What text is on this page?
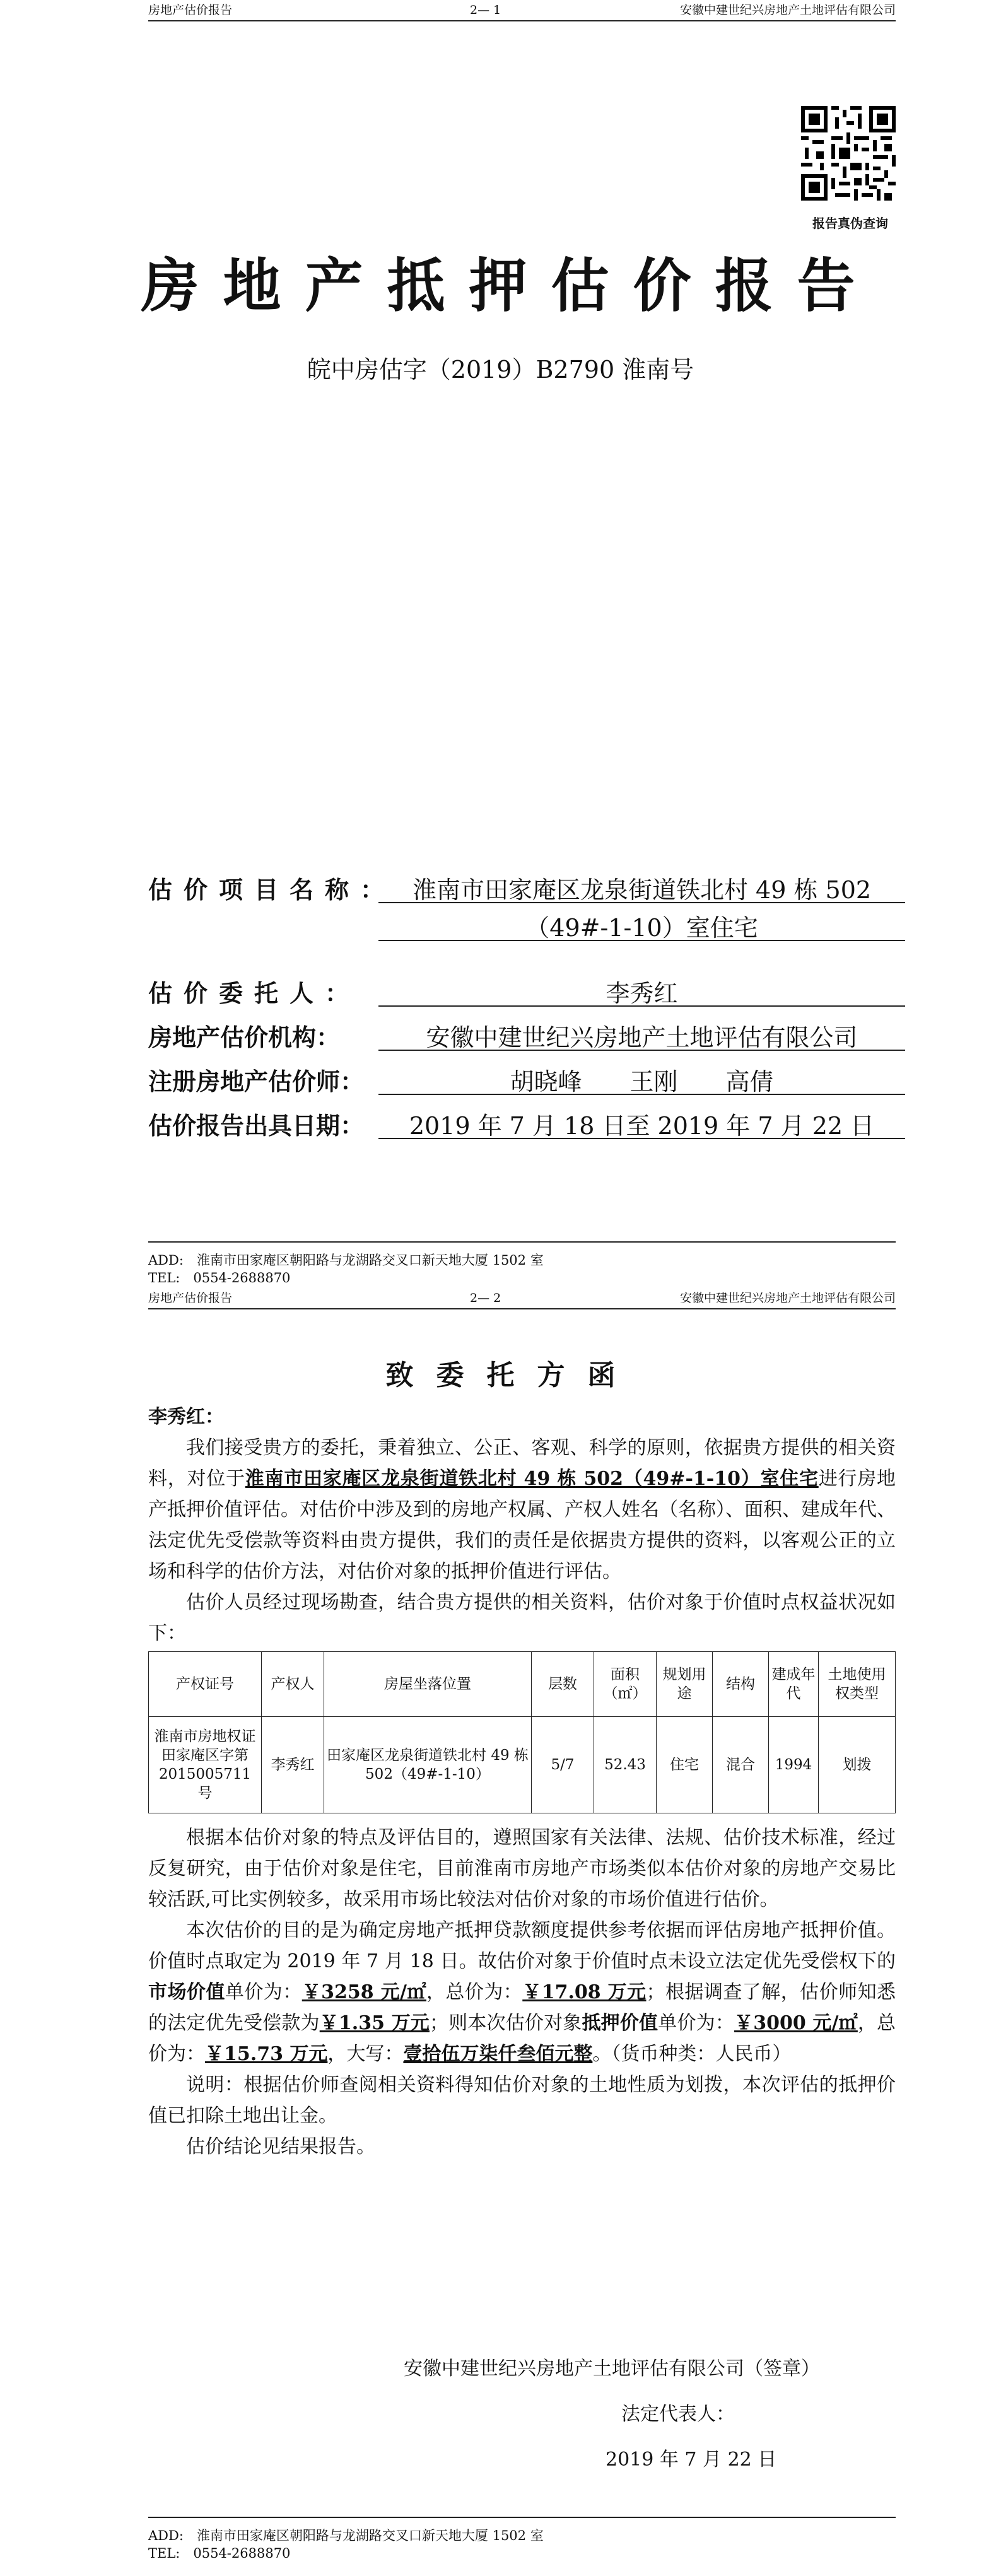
房地产估价报告	2— 1	安徽中建世纪兴房地产土地评估有限公司
报告真伪查询
房地产抵押估价报告
皖中房估字（2019）B2790 淮南号
估价项目名称： 淮南市田家庵区龙泉街道铁北村 49 栋 502
（49#-1-10）室住宅
估价委托人：	李秀红
房地产估价机构：	安徽中建世纪兴房地产土地评估有限公司
注册房地产估价师：	胡晓峰　　王刚　　高倩
估价报告出具日期：	2019 年 7 月 18 日至 2019 年 7 月 22 日
ADD:　淮南市田家庵区朝阳路与龙湖路交叉口新天地大厦 1502 室
TEL:　0554-2688870
房地产估价报告	2— 2	安徽中建世纪兴房地产土地评估有限公司
致委托方函

李秀红：

我们接受贵方的委托，秉着独立、公正、客观、科学的原则，依据贵方提供的相关资料，对位于淮南市田家庵区龙泉街道铁北村 49 栋 502（49#-1-10）室住宅进行房地产抵押价值评估。对估价中涉及到的房地产权属、产权人姓名（名称）、面积、建成年代、法定优先受偿款等资料由贵方提供，我们的责任是依据贵方提供的资料，以客观公正的立场和科学的估价方法，对估价对象的抵押价值进行评估。

估价人员经过现场勘查，结合贵方提供的相关资料，估价对象于价值时点权益状况如下：

产权证号	产权人	房屋坐落位置	层数	面积（㎡）	规划用途	结构	建成年代	土地使用权类型
淮南市房地权证田家庵区字第 2015005711 号	李秀红	田家庵区龙泉街道铁北村 49 栋 502（49#-1-10）	5/7	52.43	住宅	混合	1994	划拨

根据本估价对象的特点及评估目的，遵照国家有关法律、法规、估价技术标准，经过反复研究，由于估价对象是住宅，目前淮南市房地产市场类似本估价对象的房地产交易比较活跃,可比实例较多，故采用市场比较法对估价对象的市场价值进行估价。

本次估价的目的是为确定房地产抵押贷款额度提供参考依据而评估房地产抵押价值。价值时点取定为 2019 年 7 月 18 日。故估价对象于价值时点未设立法定优先受偿权下的市场价值单价为：￥3258 元/㎡，总价为：￥17.08 万元；根据调查了解，估价师知悉的法定优先受偿款为￥1.35 万元；则本次估价对象抵押价值单价为：￥3000 元/㎡，总价为：￥15.73 万元，大写：壹拾伍万柒仟叁佰元整。（货币种类：人民币）

说明：根据估价师查阅相关资料得知估价对象的土地性质为划拨，本次评估的抵押价值已扣除土地出让金。

估价结论见结果报告。

安徽中建世纪兴房地产土地评估有限公司（签章）
法定代表人：
2019 年 7 月 22 日
ADD:　淮南市田家庵区朝阳路与龙湖路交叉口新天地大厦 1502 室
TEL:　0554-2688870
